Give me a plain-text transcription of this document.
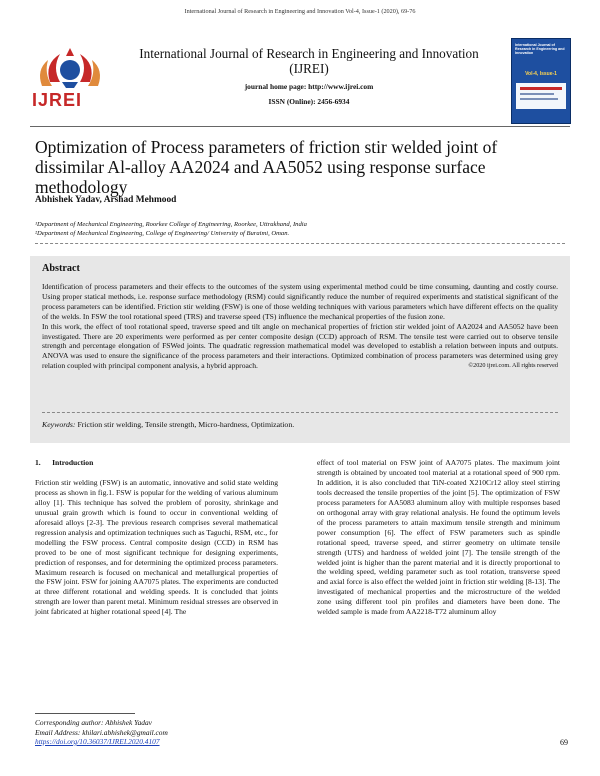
International Journal of Research in Engineering and Innovation Vol-4, Issue-1 (2020), 69-76
IJREI
International Journal of Research in Engineering and Innovation (IJREI)
journal home page: http://www.ijrei.com
ISSN (Online): 2456-6934
International Journal of Research in Engineering and Innovation
Vol-4, Issue-1
Optimization of Process parameters of friction stir welded joint of dissimilar Al-alloy AA2024 and AA5052 using response surface methodology
Abhishek Yadav, Arshad Mehmood
¹Department of Mechanical Engineering, Roorkee College of Engineering, Roorkee, Uttrakhand, India
²Department of Mechanical Engineering, College of Engineering/ University of Buraimi, Oman.
Abstract

Identification of process parameters and their effects to the outcomes of the system using experimental method could be time consuming, daunting and costly course. Using proper statical methods, i.e. response surface methodology (RSM) could significantly reduce the number of required experiments and statistical significant of the process parameters can be identified. Friction stir welding (FSW) is one of those welding techniques with various parameters which have different effects on the quality of the welds. In FSW the tool rotational speed (TRS) and traverse speed (TS) influence the mechanical properties of the fusion zone.

In this work, the effect of tool rotational speed, traverse speed and tilt angle on mechanical properties of friction stir welded joint of AA2024 and AA5052 have been investigated. There are 20 experiments were performed as per center composite design (CCD) approach of RSM. The tensile test were carried out to observe tensile strength and percentage elongation of FSWed joints. The quadratic regression mathematical model was developed to establish a relation between inputs and outputs. ANOVA was used to ensure the significance of the process parameters and their interactions. Optimized combination of process parameters was determined using grey relation coupled with principal component analysis, a hybrid approach.	©2020 ijrei.com. All rights reserved

Keywords: Friction stir welding, Tensile strength, Micro-hardness, Optimization.
1.      Introduction

Friction stir welding (FSW) is an automatic, innovative and solid state welding process as shown in fig.1. FSW is popular for the welding of various aluminum alloy [1]. This technique has solved the problem of porosity, shrinkage and unusual grain growth which is found to occur in conventional welding of aforesaid alloys [2-3]. The previous research comprises several mathematical regression analysis and optimization techniques such as Taguchi, RSM, etc., for modelling the FSW process. Central composite design (CCD) in RSM has proved to be one of most significant technique for designing experiments, prediction of responses, and for determining the optimized process parameters. Maximum research is focused on mechanical and metallurgical properties of the FSW joint. FSW for joining AA7075 plates. The experiments are conducted at three different rotational and welding speeds. It is concluded that joints strength are lower than parent metal. Minimum residual stresses are observed in joint fabricated at higher rotational speed [4]. The

effect of tool material on FSW joint of AA7075 plates. The maximum joint strength is obtained by uncoated tool material at a rotational speed of 900 rpm. In addition, it is also concluded that TiN-coated X210Cr12 alloy steel stirring tools decreased the tensile properties of the joint [5]. The optimization of FSW process parameters for AA5083 aluminum alloy with multiple responses based on orthogonal array with gray relational analysis. He found the optimum levels of the process parameters to attain maximum tensile strength and minimum power consumption [6]. The effect of FSW parameters such as spindle rotational speed, traverse speed, and stirrer geometry on ultimate tensile strength (UTS) and hardness of welded joint [7]. The tensile strength of the welded joint is higher than the parent material and it is directly proportional to the welding speed, welding parameter such as tool rotation, transverse speed and axial force is also effect the welded joint in friction stir welding [8-13]. The investigated of mechanical properties and the microstructure of the welded zone using different tool pin profiles and diameters have been done. The welded sample is made from AA2218-T72 aluminum alloy

Corresponding author: Abhishek Yadav
Email Address: khilari.abhishek@gmail.com
https://doi.org/10.36037/IJREI.2020.4107	69
